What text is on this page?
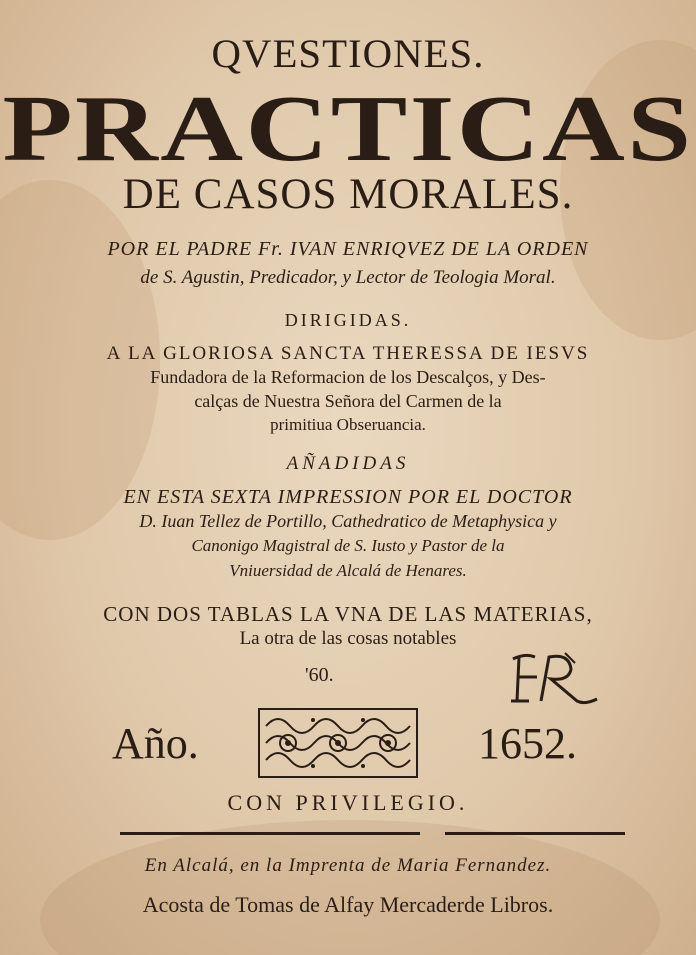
QVESTIONES.
PRACTICAS
DE CASOS MORALES.
POR EL PADRE Fr. IVAN ENRIQVEZ DE LA ORDEN
de S. Agustin, Predicador, y Lector de Teologia Moral.
DIRIGIDAS.
A LA GLORIOSA SANCTA THERESSA DE IESVS
Fundadora de la Reformacion de los Descalços, y Des-
calças de Nuestra Señora del Carmen de la
primitiua Obseruancia.
AÑADIDAS
EN ESTA SEXTA IMPRESSION POR EL DOCTOR
D. Iuan Tellez de Portillo, Cathedratico de Metaphysica y
Canonigo Magistral de S. Iusto y Pastor de la
Vniuersidad de Alcalá de Henares.
CON DOS TABLAS LA VNA DE LAS MATERIAS,
La otra de las cosas notables
'60.
Año.	1652.
CON PRIVILEGIO.
En Alcalá, en la Imprenta de Maria Fernandez.
Acosta de Tomas de Alfay Mercaderde Libros.
